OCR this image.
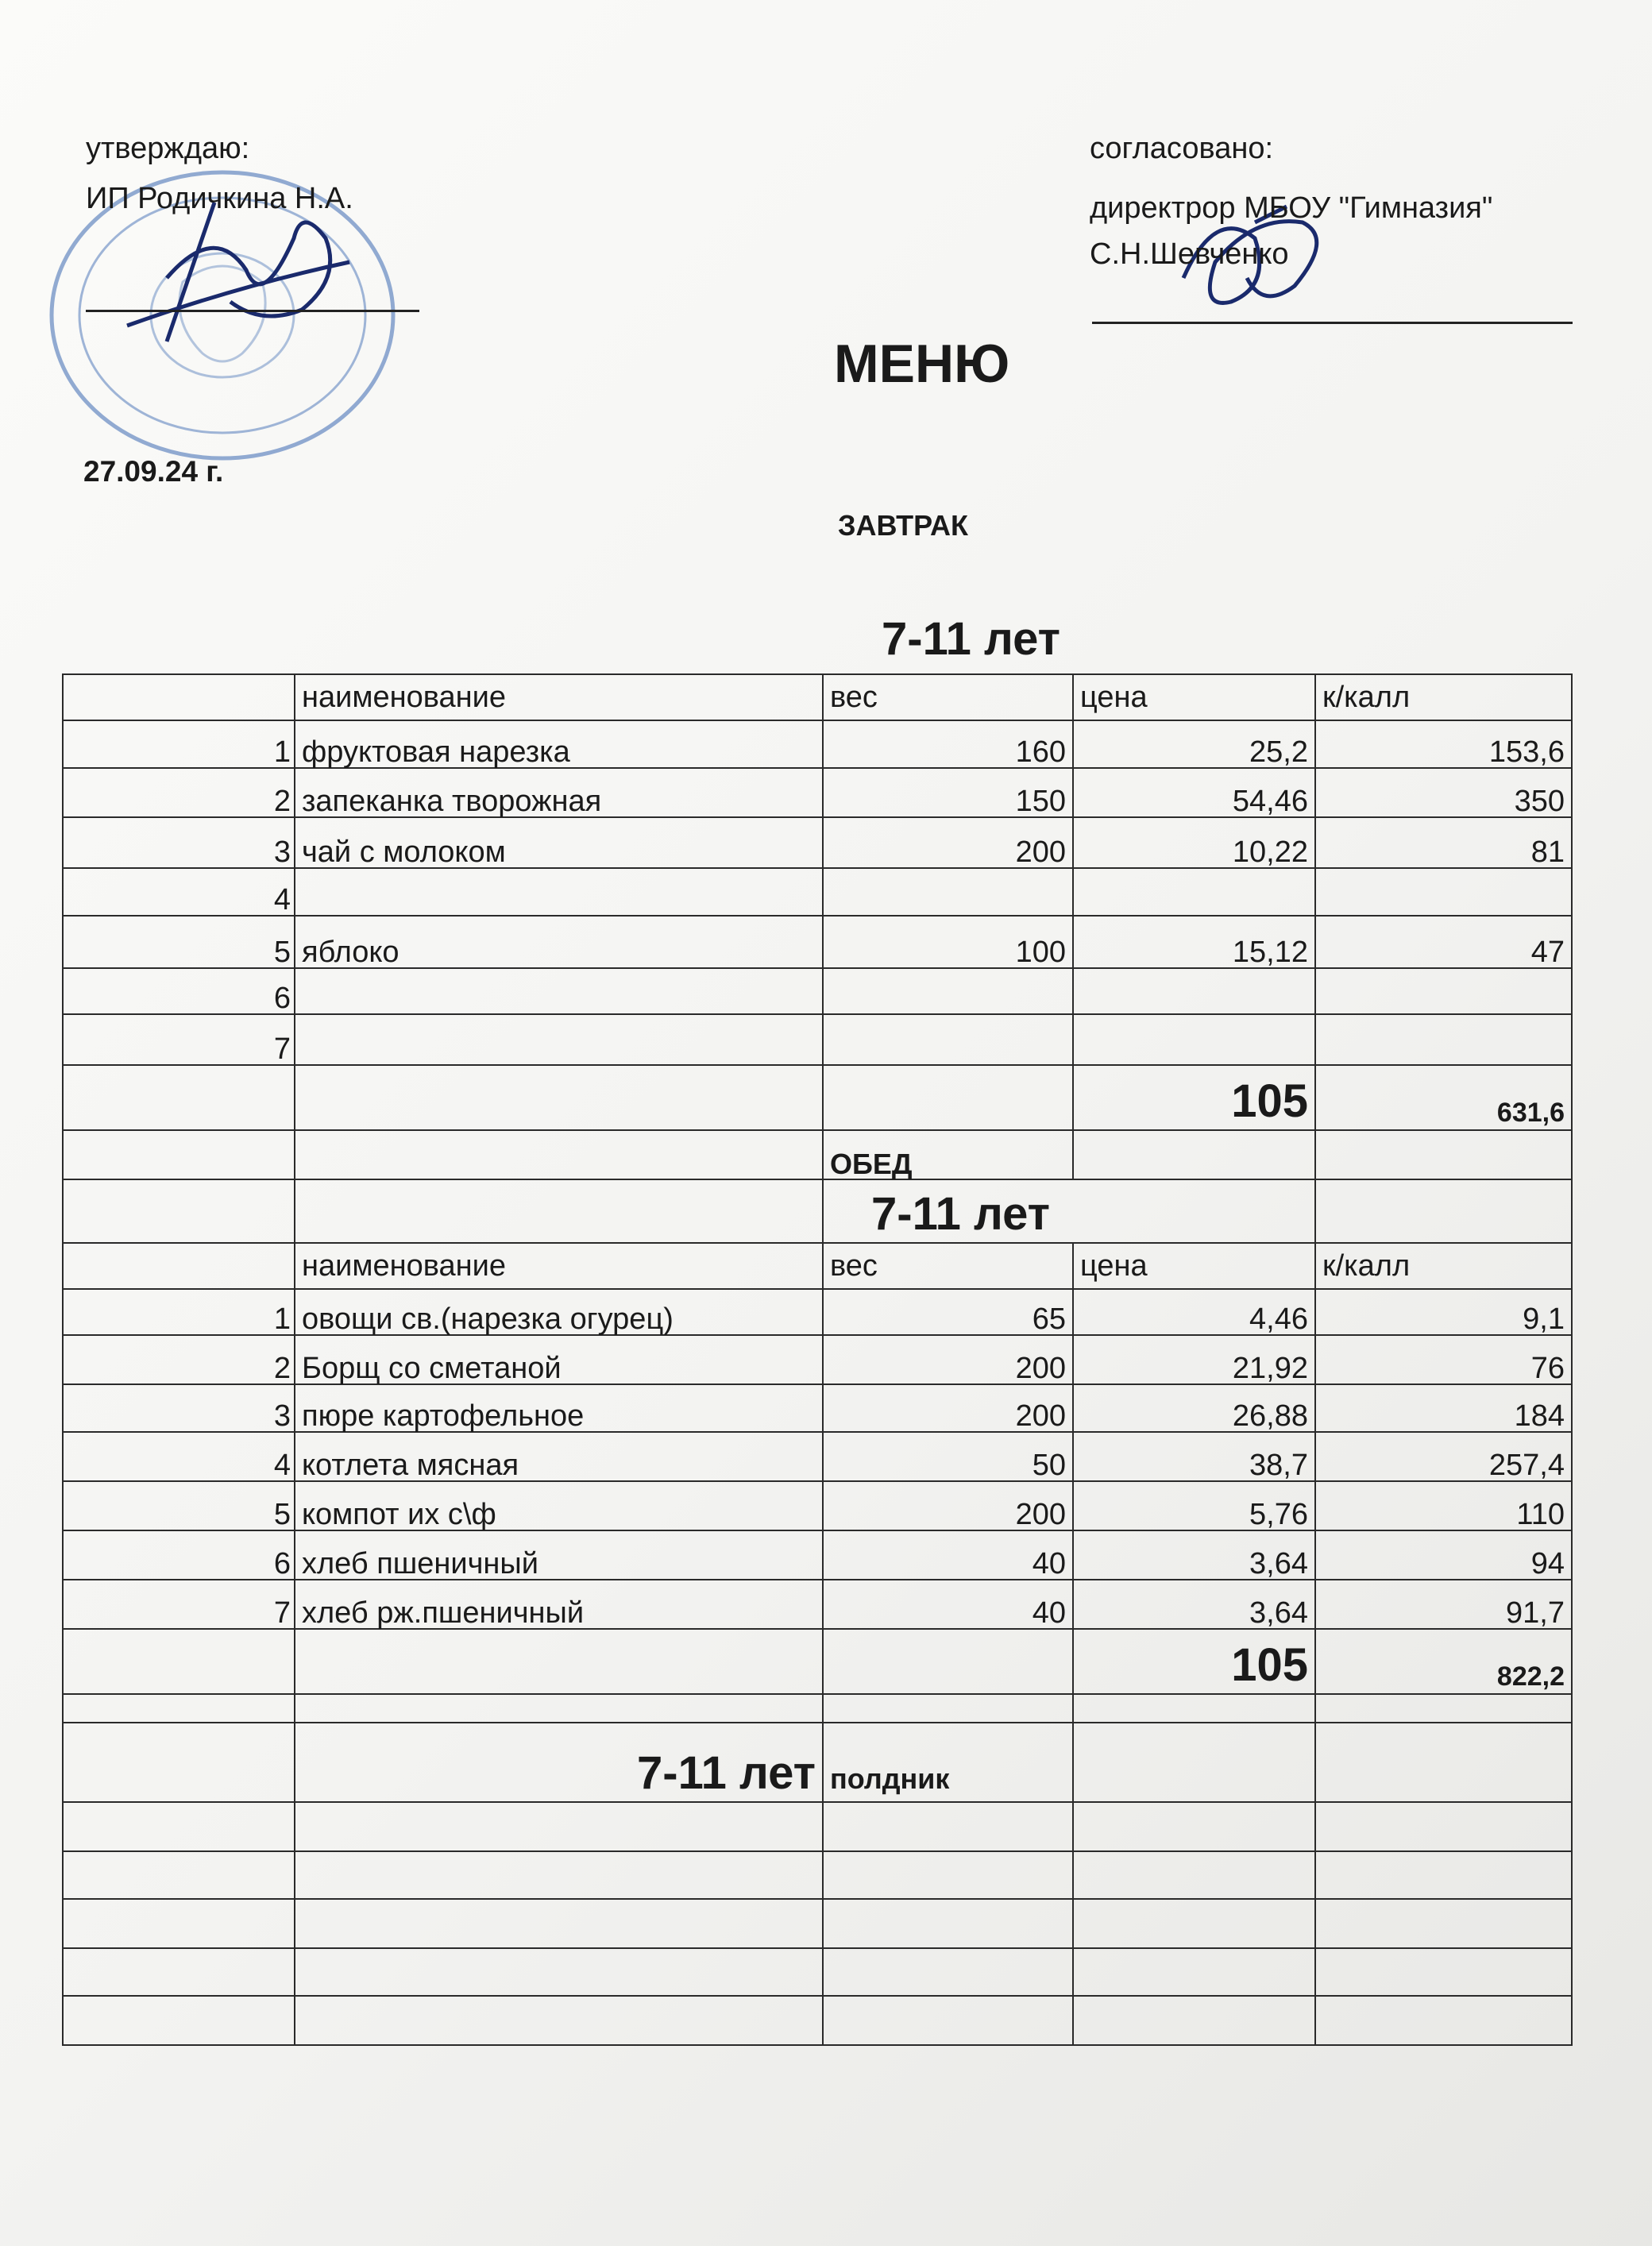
утверждаю:
ИП Родичкина Н.А.
27.09.24 г.
согласовано:
директрор МБОУ "Гимназия"
С.Н.Шевченко
МЕНЮ
ЗАВТРАК
7-11 лет
	наименование	вес	цена	к/калл
1	фруктовая нарезка	160	25,2	153,6
2	запеканка творожная	150	54,46	350
3	чай с молоком	200	10,22	81
4				
5	яблоко	100	15,12	47
6				
7				
			105	631,6
		ОБЕД		
		7-11 лет		
	наименование	вес	цена	к/калл
1	овощи св.(нарезка огурец)	65	4,46	9,1
2	Борщ со сметаной	200	21,92	76
3	пюре картофельное	200	26,88	184
4	котлета мясная	50	38,7	257,4
5	компот их с\ф	200	5,76	110
6	хлеб пшеничный	40	3,64	94
7	хлеб рж.пшеничный	40	3,64	91,7
			105	822,2

	7-11 лет	полдник		
